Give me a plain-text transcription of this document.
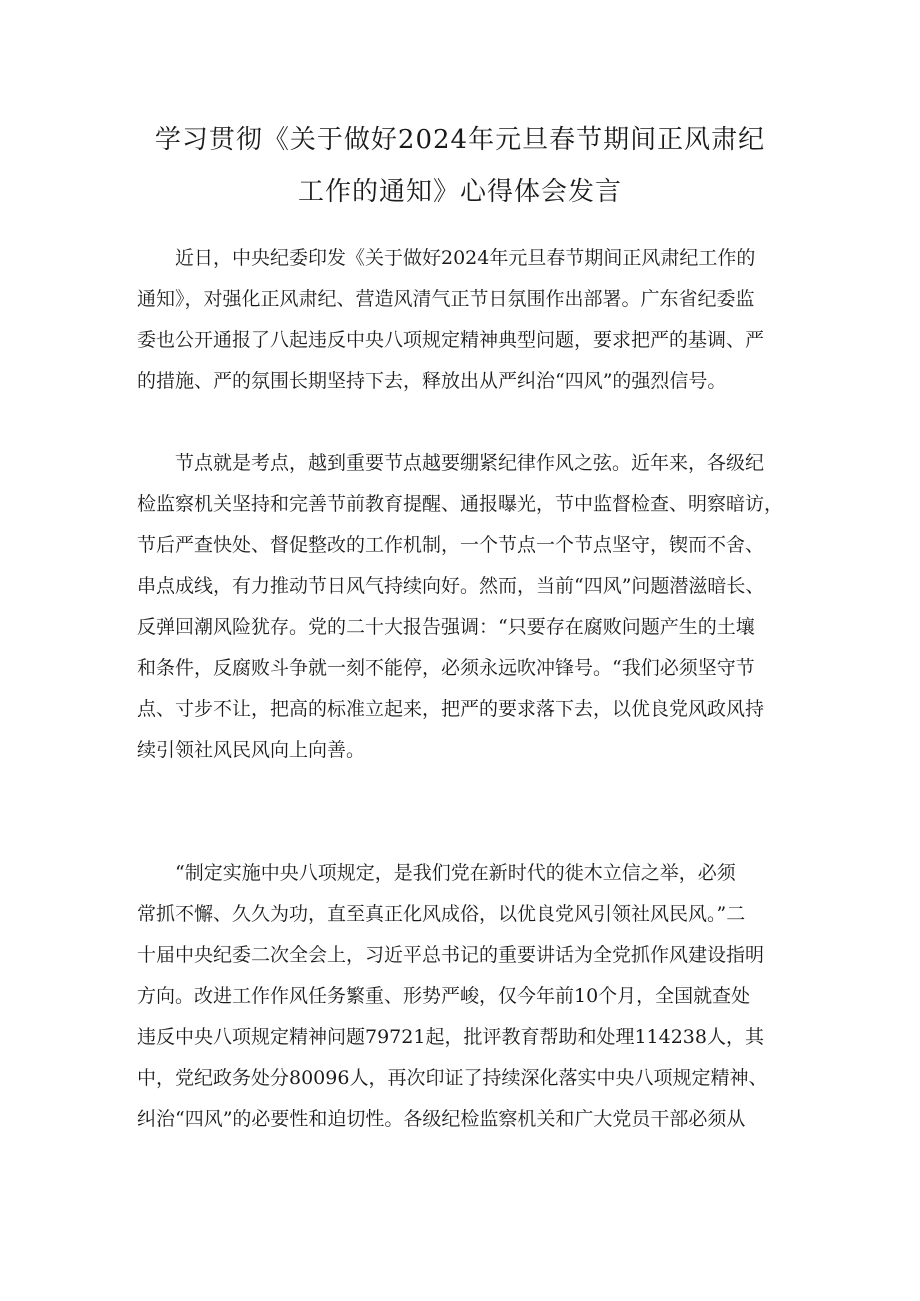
学习贯彻《关于做好2024年元旦春节期间正风肃纪
工作的通知》心得体会发言

　　近日，中央纪委印发《关于做好2024年元旦春节期间正风肃纪工作的
通知》，对强化正风肃纪、营造风清气正节日氛围作出部署。广东省纪委监
委也公开通报了八起违反中央八项规定精神典型问题，要求把严的基调、严
的措施、严的氛围长期坚持下去，释放出从严纠治“四风”的强烈信号。

　　节点就是考点，越到重要节点越要绷紧纪律作风之弦。近年来，各级纪
检监察机关坚持和完善节前教育提醒、通报曝光，节中监督检查、明察暗访，
节后严查快处、督促整改的工作机制，一个节点一个节点坚守，锲而不舍、
串点成线，有力推动节日风气持续向好。然而，当前“四风”问题潜滋暗长、
反弹回潮风险犹存。党的二十大报告强调：“只要存在腐败问题产生的土壤
和条件，反腐败斗争就一刻不能停，必须永远吹冲锋号。“我们必须坚守节
点、寸步不让，把高的标准立起来，把严的要求落下去，以优良党风政风持
续引领社风民风向上向善。

　　“制定实施中央八项规定，是我们党在新时代的徙木立信之举，必须
常抓不懈、久久为功，直至真正化风成俗，以优良党风引领社风民风。”二
十届中央纪委二次全会上，习近平总书记的重要讲话为全党抓作风建设指明
方向。改进工作作风任务繁重、形势严峻，仅今年前10个月，全国就查处
违反中央八项规定精神问题79721起，批评教育帮助和处理114238人，其
中，党纪政务处分80096人，再次印证了持续深化落实中央八项规定精神、
纠治“四风”的必要性和迫切性。各级纪检监察机关和广大党员干部必须从
